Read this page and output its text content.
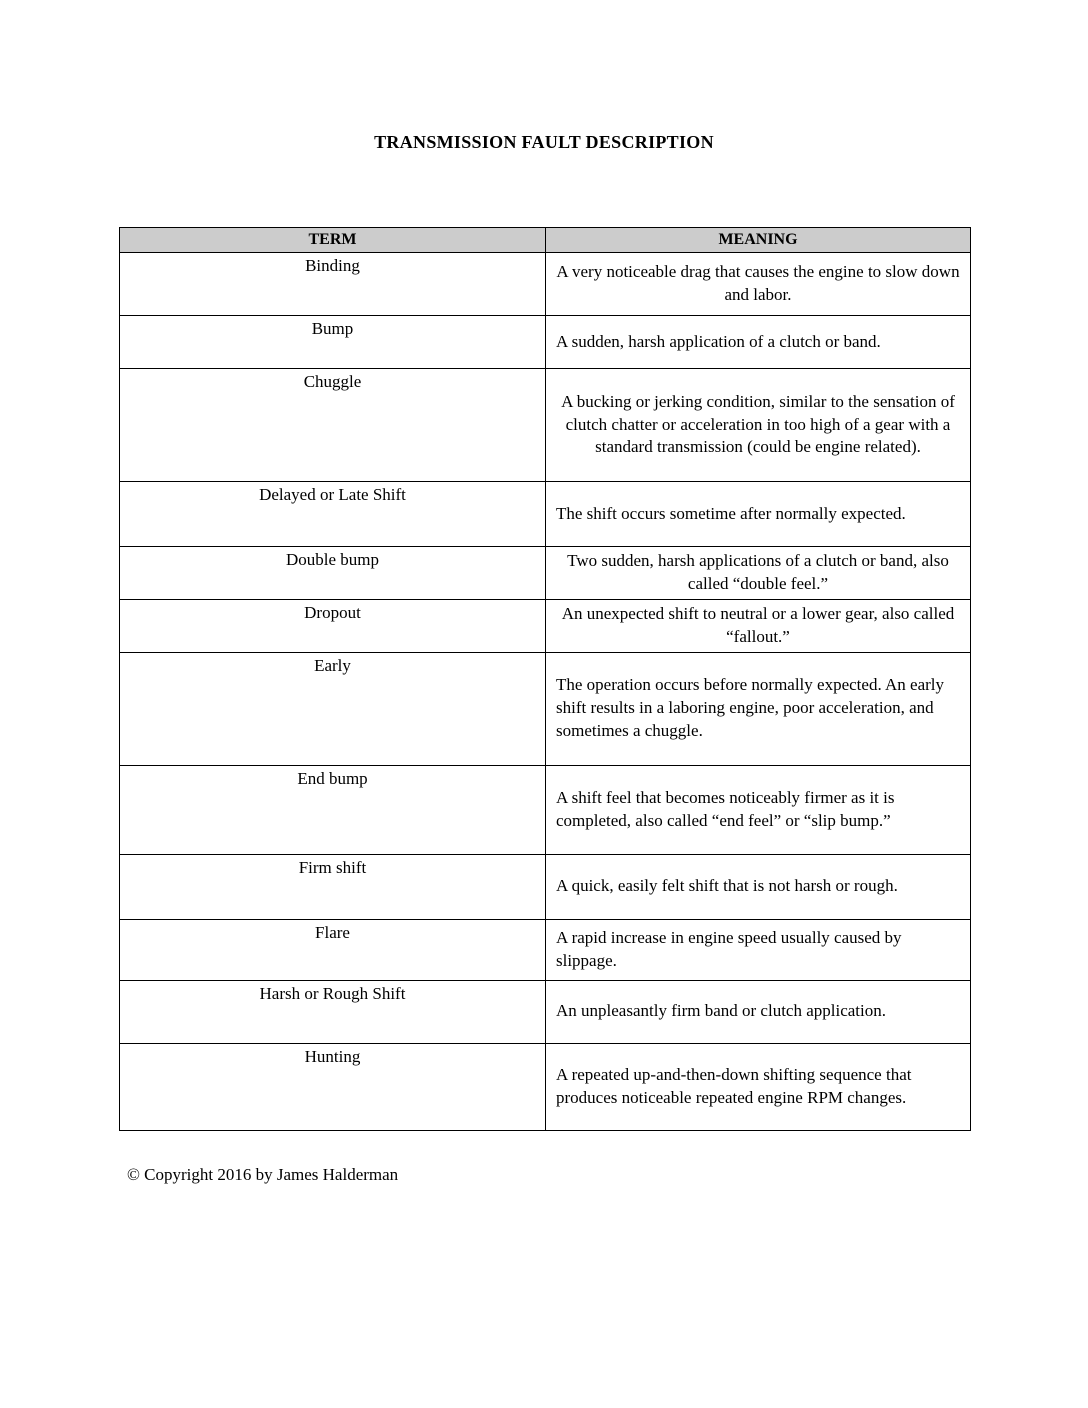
TRANSMISSION FAULT DESCRIPTION
TERM	MEANING
Binding	A very noticeable drag that causes the engine to slow down and labor.
Bump	A sudden, harsh application of a clutch or band.
Chuggle	A bucking or jerking condition, similar to the sensation of clutch chatter or acceleration in too high of a gear with a standard transmission (could be engine related).
Delayed or Late Shift	The shift occurs sometime after normally expected.
Double bump	Two sudden, harsh applications of a clutch or band, also called “double feel.”
Dropout	An unexpected shift to neutral or a lower gear, also called “fallout.”
Early	The operation occurs before normally expected. An early shift results in a laboring engine, poor acceleration, and sometimes a chuggle.
End bump	A shift feel that becomes noticeably firmer as it is completed, also called “end feel” or “slip bump.”
Firm shift	A quick, easily felt shift that is not harsh or rough.
Flare	A rapid increase in engine speed usually caused by slippage.
Harsh or Rough Shift	An unpleasantly firm band or clutch application.
Hunting	A repeated up-and-then-down shifting sequence that produces noticeable repeated engine RPM changes.
© Copyright 2016 by James Halderman
